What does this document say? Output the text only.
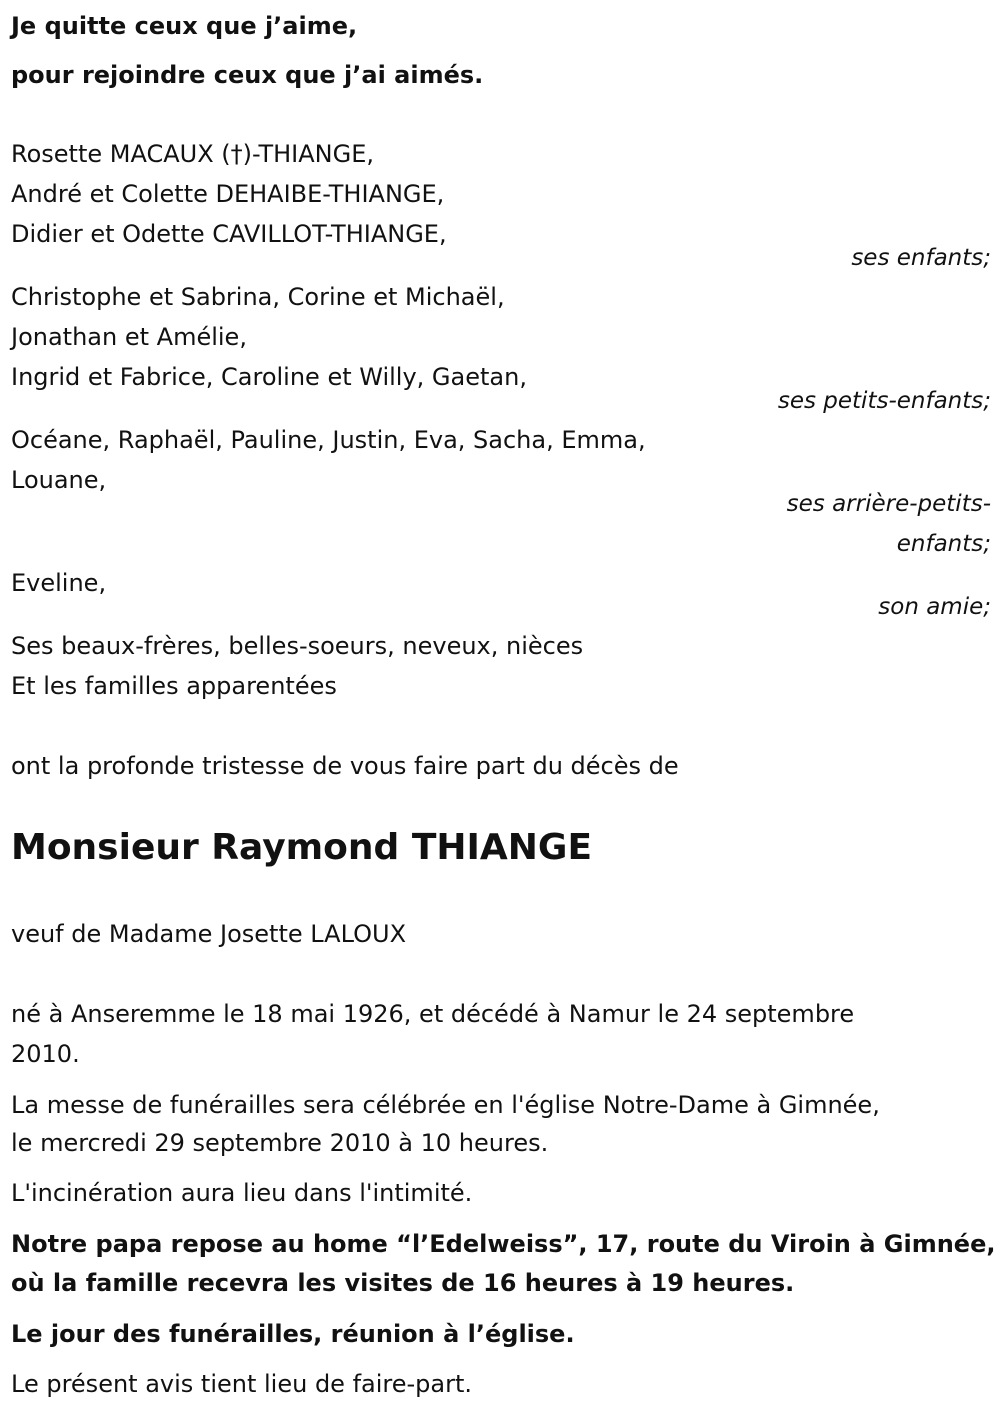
Je quitte ceux que j’aime,
pour rejoindre ceux que j’ai aimés.
Rosette MACAUX (†)-THIANGE,
André et Colette DEHAIBE-THIANGE,
Didier et Odette CAVILLOT-THIANGE,
ses enfants;
Christophe et Sabrina, Corine et Michaël,
Jonathan et Amélie,
Ingrid et Fabrice, Caroline et Willy, Gaetan,
ses petits-enfants;
Océane, Raphaël, Pauline, Justin, Eva, Sacha, Emma,
Louane,
ses arrière-petits-
enfants;
Eveline,
son amie;
Ses beaux-frères, belles-soeurs, neveux, nièces
Et les familles apparentées
ont la profonde tristesse de vous faire part du décès de
Monsieur Raymond THIANGE
veuf de Madame Josette LALOUX
né à Anseremme le 18 mai 1926, et décédé à Namur le 24 septembre
2010.
La messe de funérailles sera célébrée en l'église Notre-Dame à Gimnée,
le mercredi 29 septembre 2010 à 10 heures.
L'incinération aura lieu dans l'intimité.
Notre papa repose au home “l’Edelweiss”, 17, route du Viroin à Gimnée,
où la famille recevra les visites de 16 heures à 19 heures.
Le jour des funérailles, réunion à l’église.
Le présent avis tient lieu de faire-part.
